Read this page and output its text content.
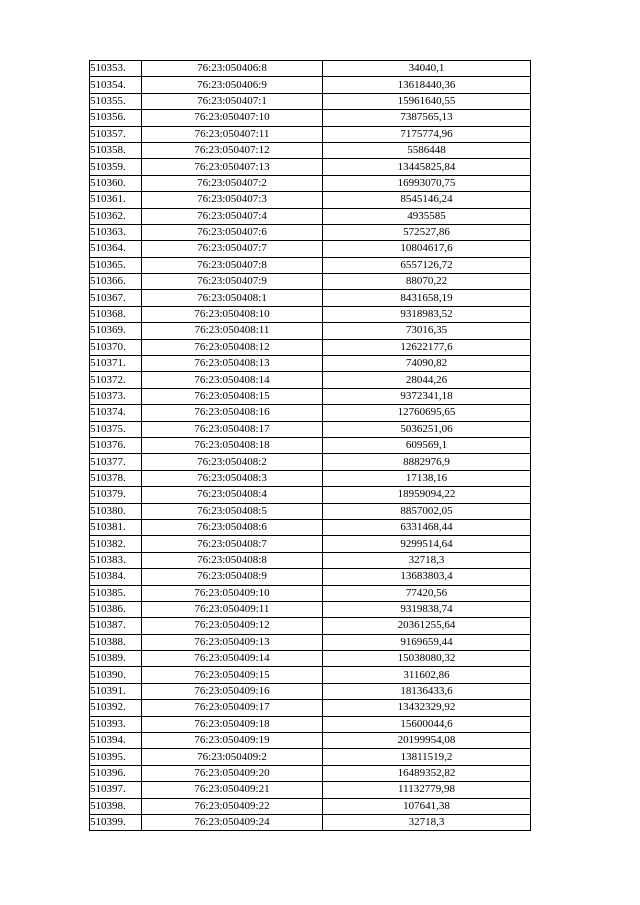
510353.	76:23:050406:8	34040,1
510354.	76:23:050406:9	13618440,36
510355.	76:23:050407:1	15961640,55
510356.	76:23:050407:10	7387565,13
510357.	76:23:050407:11	7175774,96
510358.	76:23:050407:12	5586448
510359.	76:23:050407:13	13445825,84
510360.	76:23:050407:2	16993070,75
510361.	76:23:050407:3	8545146,24
510362.	76:23:050407:4	4935585
510363.	76:23:050407:6	572527,86
510364.	76:23:050407:7	10804617,6
510365.	76:23:050407:8	6557126,72
510366.	76:23:050407:9	88070,22
510367.	76:23:050408:1	8431658,19
510368.	76:23:050408:10	9318983,52
510369.	76:23:050408:11	73016,35
510370.	76:23:050408:12	12622177,6
510371.	76:23:050408:13	74090,82
510372.	76:23:050408:14	28044,26
510373.	76:23:050408:15	9372341,18
510374.	76:23:050408:16	12760695,65
510375.	76:23:050408:17	5036251,06
510376.	76:23:050408:18	609569,1
510377.	76:23:050408:2	8882976,9
510378.	76:23:050408:3	17138,16
510379.	76:23:050408:4	18959094,22
510380.	76:23:050408:5	8857002,05
510381.	76:23:050408:6	6331468,44
510382.	76:23:050408:7	9299514,64
510383.	76:23:050408:8	32718,3
510384.	76:23:050408:9	13683803,4
510385.	76:23:050409:10	77420,56
510386.	76:23:050409:11	9319838,74
510387.	76:23:050409:12	20361255,64
510388.	76:23:050409:13	9169659,44
510389.	76:23:050409:14	15038080,32
510390.	76:23:050409:15	311602,86
510391.	76:23:050409:16	18136433,6
510392.	76:23:050409:17	13432329,92
510393.	76:23:050409:18	15600044,6
510394.	76:23:050409:19	20199954,08
510395.	76:23:050409:2	13811519,2
510396.	76:23:050409:20	16489352,82
510397.	76:23:050409:21	11132779,98
510398.	76:23:050409:22	107641,38
510399.	76:23:050409:24	32718,3
